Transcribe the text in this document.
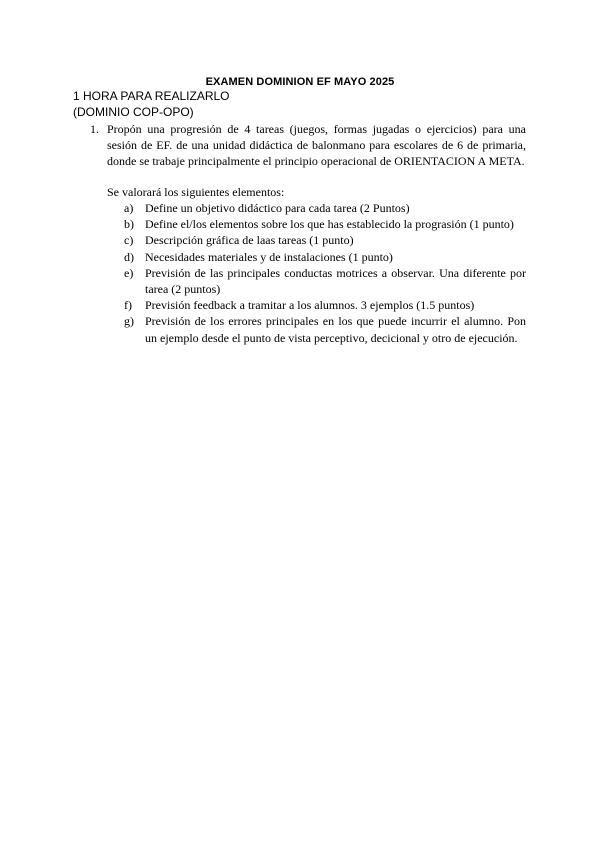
EXAMEN DOMINION EF MAYO 2025
1 HORA PARA REALIZARLO
(DOMINIO COP-OPO)
1. Propón una progresión de 4 tareas (juegos, formas jugadas o ejercicios) para una sesión de EF. de una unidad didáctica de balonmano para escolares de 6 de primaria, donde se trabaje principalmente el principio operacional de ORIENTACION A META.
Se valorará los siguientes elementos:
a) Define un objetivo didáctico para cada tarea (2 Puntos)
b) Define el/los elementos sobre los que has establecido la prograsión (1 punto)
c) Descripción gráfica de laas tareas (1 punto)
d) Necesidades materiales y de instalaciones (1 punto)
e) Previsión de las principales conductas motrices a observar. Una diferente por tarea (2 puntos)
f) Previsión feedback a tramitar a los alumnos. 3 ejemplos (1.5 puntos)
g) Previsión de los errores principales en los que puede incurrir el alumno. Pon un ejemplo desde el punto de vista perceptivo, decicional y otro de ejecución.
